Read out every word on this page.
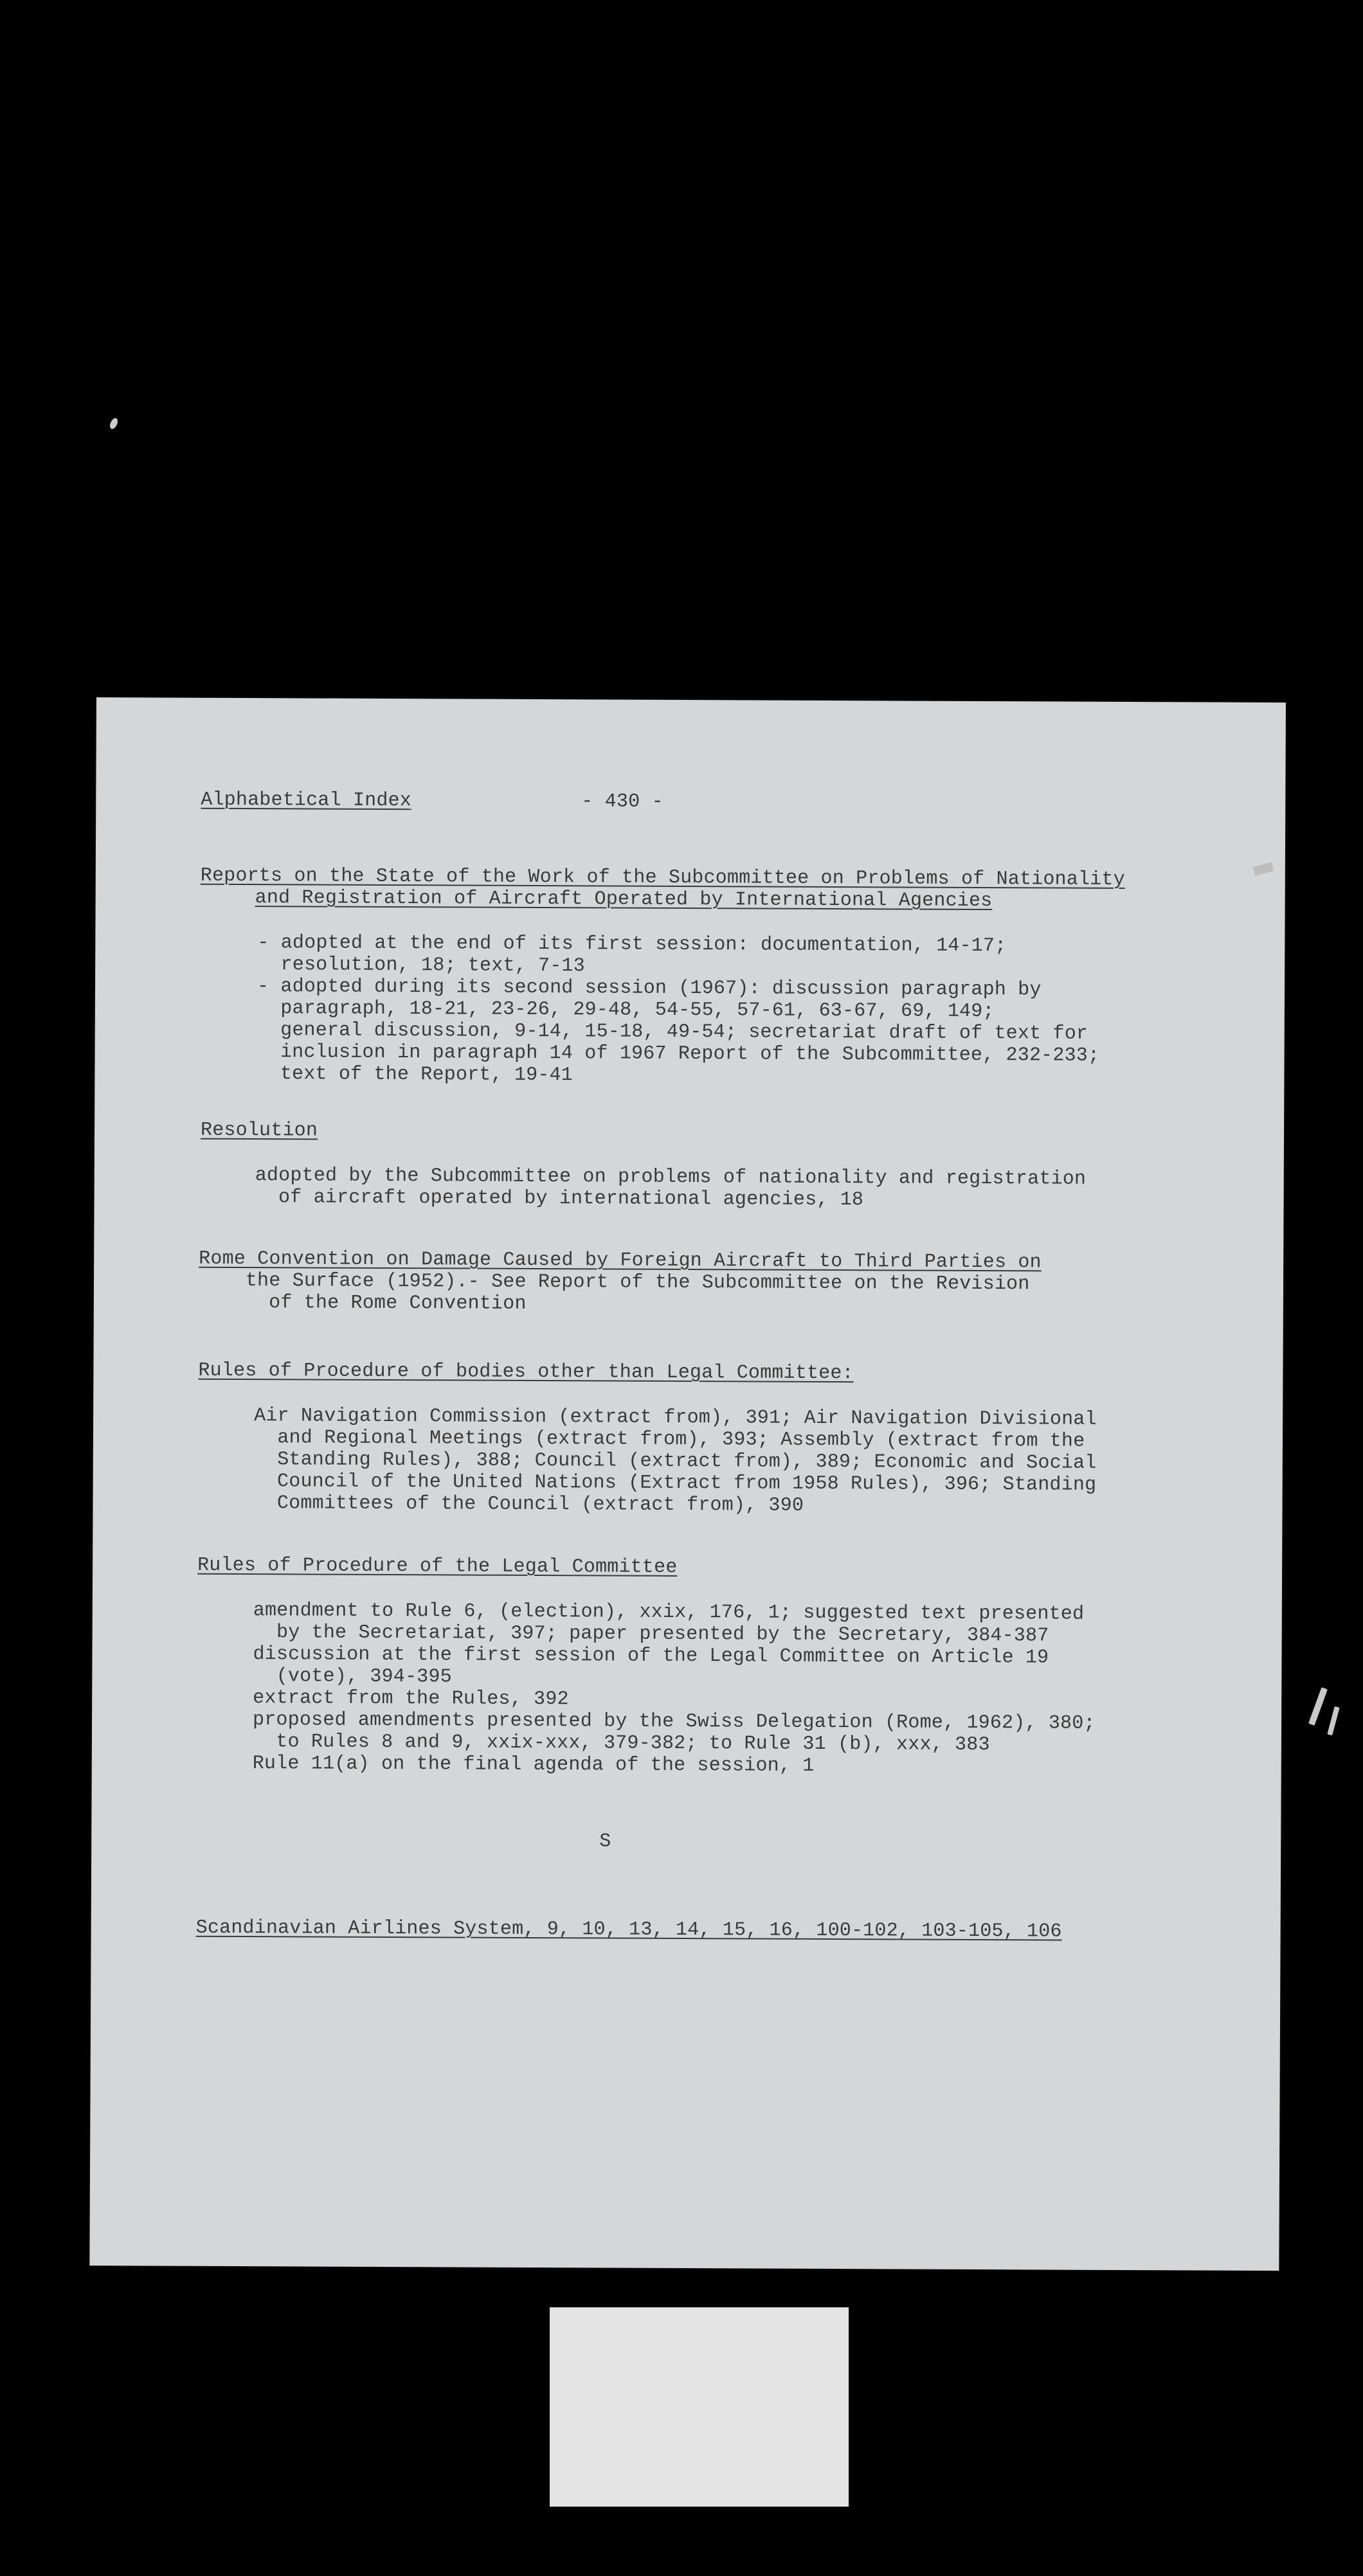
Alphabetical Index	- 430 -
Reports on the State of the Work of the Subcommittee on Problems of Nationality
and Registration of Aircraft Operated by International Agencies
- adopted at the end of its first session: documentation, 14-17;
resolution, 18; text, 7-13
- adopted during its second session (1967): discussion paragraph by
paragraph, 18-21, 23-26, 29-48, 54-55, 57-61, 63-67, 69, 149;
general discussion, 9-14, 15-18, 49-54; secretariat draft of text for
inclusion in paragraph 14 of 1967 Report of the Subcommittee, 232-233;
text of the Report, 19-41
Resolution
adopted by the Subcommittee on problems of nationality and registration
of aircraft operated by international agencies, 18
Rome Convention on Damage Caused by Foreign Aircraft to Third Parties on
the Surface (1952).- See Report of the Subcommittee on the Revision
of the Rome Convention
Rules of Procedure of bodies other than Legal Committee:
Air Navigation Commission (extract from), 391; Air Navigation Divisional
and Regional Meetings (extract from), 393; Assembly (extract from the
Standing Rules), 388; Council (extract from), 389; Economic and Social
Council of the United Nations (Extract from 1958 Rules), 396; Standing
Committees of the Council (extract from), 390
Rules of Procedure of the Legal Committee
amendment to Rule 6, (election), xxix, 176, 1; suggested text presented
by the Secretariat, 397; paper presented by the Secretary, 384-387
discussion at the first session of the Legal Committee on Article 19
(vote), 394-395
extract from the Rules, 392
proposed amendments presented by the Swiss Delegation (Rome, 1962), 380;
to Rules 8 and 9, xxix-xxx, 379-382; to Rule 31 (b), xxx, 383
Rule 11(a) on the final agenda of the session, 1
S
Scandinavian Airlines System, 9, 10, 13, 14, 15, 16, 100-102, 103-105, 106
